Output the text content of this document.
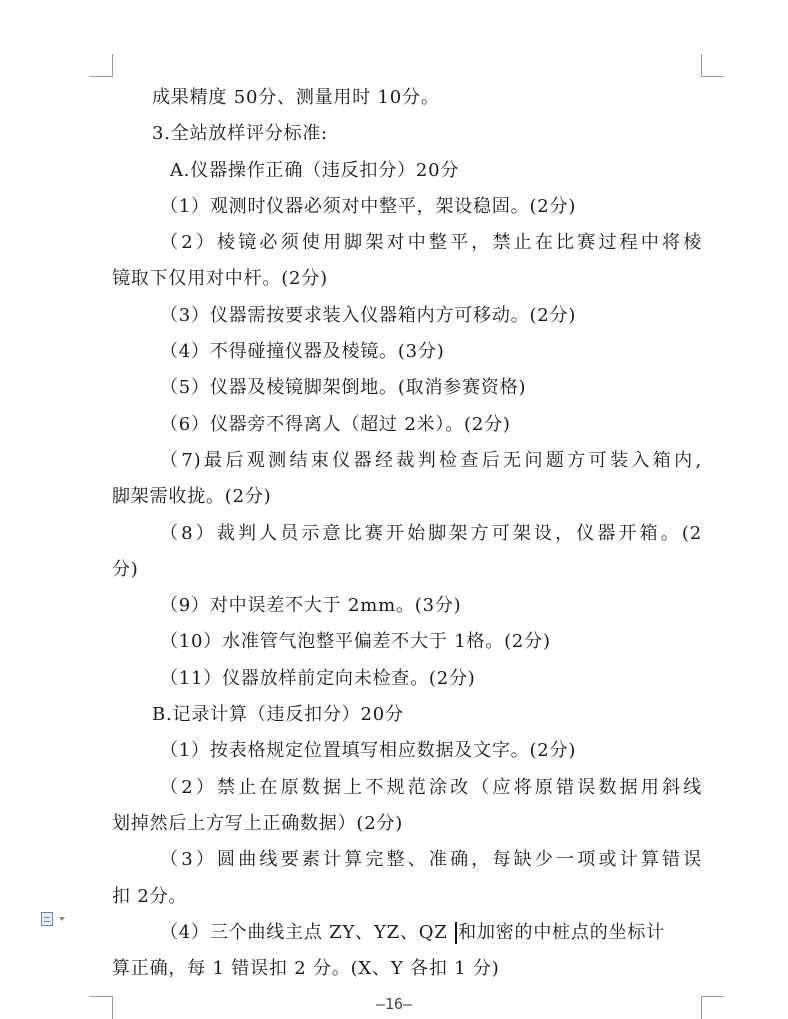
成果精度 50分、测量用时 10分。
3.全站放样评分标准:
A.仪器操作正确（违反扣分）20分
（1）观测时仪器必须对中整平，架设稳固。(2分)
（2）棱镜必须使用脚架对中整平，禁止在比赛过程中将棱
镜取下仅用对中杆。(2分)
（3）仪器需按要求装入仪器箱内方可移动。(2分)
（4）不得碰撞仪器及棱镜。(3分)
（5）仪器及棱镜脚架倒地。(取消参赛资格)
（6）仪器旁不得离人（超过 2米）。(2分)
（7)最后观测结束仪器经裁判检查后无问题方可装入箱内,
脚架需收拢。(2分)
（8）裁判人员示意比赛开始脚架方可架设，仪器开箱。(2
分)
（9）对中误差不大于 2mm。(3分)
（10）水准管气泡整平偏差不大于 1格。(2分)
（11）仪器放样前定向未检查。(2分)
B.记录计算（违反扣分）20分
（1）按表格规定位置填写相应数据及文字。(2分)
（2）禁止在原数据上不规范涂改（应将原错误数据用斜线
划掉然后上方写上正确数据）(2分)
（3）圆曲线要素计算完整、准确，每缺少一项或计算错误
扣 2分。
（4）三个曲线主点 ZY、YZ、QZ 和加密的中桩点的坐标计
算正确，每 1 错误扣 2 分。(X、Y 各扣 1 分)
—16—
